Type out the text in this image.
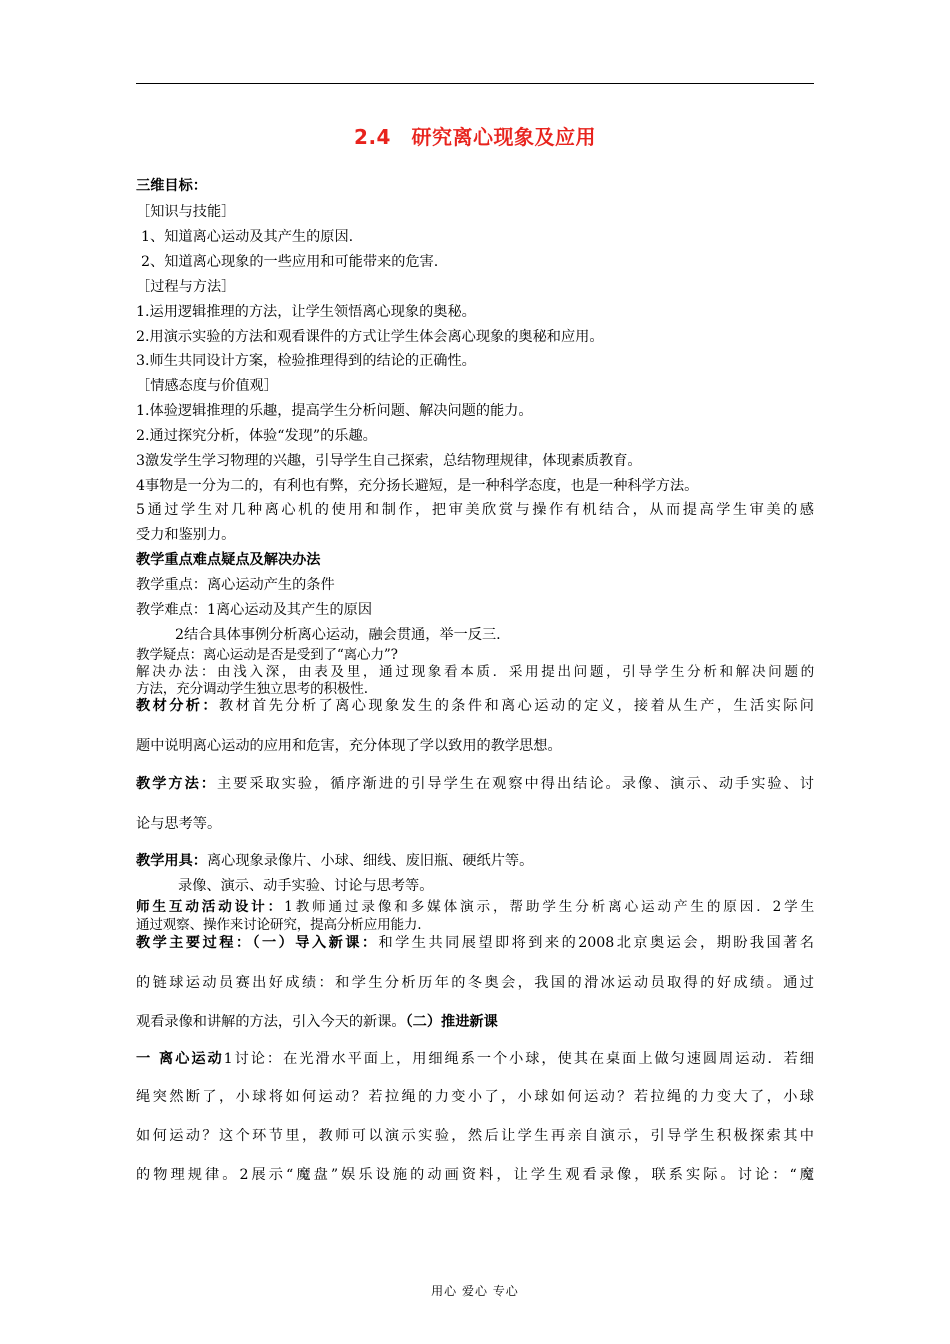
2.4　研究离心现象及应用
三维目标：
［知识与技能］
1、知道离心运动及其产生的原因.
2、知道离心现象的一些应用和可能带来的危害.
［过程与方法］
1.运用逻辑推理的方法，让学生领悟离心现象的奥秘。
2.用演示实验的方法和观看课件的方式让学生体会离心现象的奥秘和应用。
3.师生共同设计方案，检验推理得到的结论的正确性。
［情感态度与价值观］
1.体验逻辑推理的乐趣，提高学生分析问题、解决问题的能力。
2.通过探究分析，体验“发现”的乐趣。
3激发学生学习物理的兴趣，引导学生自己探索，总结物理规律，体现素质教育。
4事物是一分为二的，有利也有弊，充分扬长避短，是一种科学态度，也是一种科学方法。
5通过学生对几种离心机的使用和制作，把审美欣赏与操作有机结合，从而提高学生审美的感
受力和鉴别力。
教学重点难点疑点及解决办法
教学重点：离心运动产生的条件
教学难点：1离心运动及其产生的原因
2结合具体事例分析离心运动，融会贯通，举一反三.
教学疑点：离心运动是否是受到了“离心力”?
解决办法：由浅入深，由表及里，通过现象看本质．采用提出问题，引导学生分析和解决问题的
方法，充分调动学生独立思考的积极性.
教材分析：教材首先分析了离心现象发生的条件和离心运动的定义，接着从生产，生活实际问
题中说明离心运动的应用和危害，充分体现了学以致用的教学思想。
教学方法：主要采取实验，循序渐进的引导学生在观察中得出结论。录像、演示、动手实验、讨
论与思考等。
教学用具：离心现象录像片、小球、细线、废旧瓶、硬纸片等。
录像、演示、动手实验、讨论与思考等。
师生互动活动设计：1教师通过录像和多媒体演示，帮助学生分析离心运动产生的原因．2学生
通过观察、操作来讨论研究，提高分析应用能力.
教学主要过程：（一）导入新课：和学生共同展望即将到来的2008北京奥运会，期盼我国著名
的链球运动员赛出好成绩：和学生分析历年的冬奥会，我国的滑冰运动员取得的好成绩。通过
观看录像和讲解的方法，引入今天的新课。（二）推进新课
一 离心运动1讨论：在光滑水平面上，用细绳系一个小球，使其在桌面上做匀速圆周运动．若细
绳突然断了，小球将如何运动？若拉绳的力变小了，小球如何运动？若拉绳的力变大了，小球
如何运动？这个环节里，教师可以演示实验，然后让学生再亲自演示，引导学生积极探索其中
的物理规律。2展示“魔盘”娱乐设施的动画资料，让学生观看录像，联系实际。讨论：“魔
用心 爱心 专心
